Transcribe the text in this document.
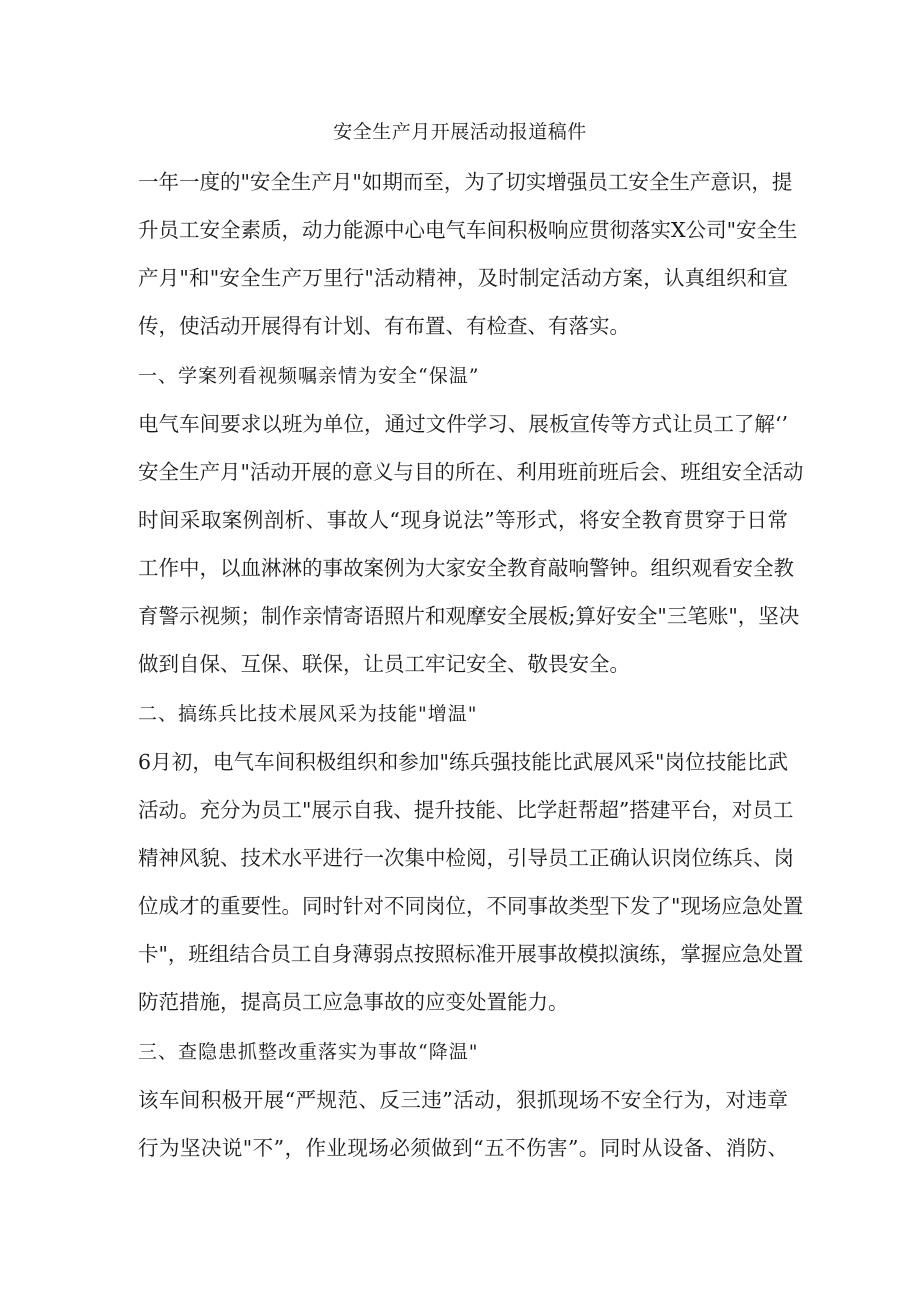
安全生产月开展活动报道稿件
一年一度的"安全生产月"如期而至，为了切实增强员工安全生产意识，提
升员工安全素质，动力能源中心电气车间积极响应贯彻落实X公司"安全生
产月"和"安全生产万里行"活动精神，及时制定活动方案，认真组织和宣
传，使活动开展得有计划、有布置、有检查、有落实。
一、学案列看视频嘱亲情为安全“保温”
电气车间要求以班为单位，通过文件学习、展板宣传等方式让员工了解‘’
安全生产月"活动开展的意义与目的所在、利用班前班后会、班组安全活动
时间采取案例剖析、事故人“现身说法”等形式，将安全教育贯穿于日常
工作中，以血淋淋的事故案例为大家安全教育敲响警钟。组织观看安全教
育警示视频；制作亲情寄语照片和观摩安全展板;算好安全"三笔账"，坚决
做到自保、互保、联保，让员工牢记安全、敬畏安全。
二、搞练兵比技术展风采为技能"增温"
6月初，电气车间积极组织和参加"练兵强技能比武展风采"岗位技能比武
活动。充分为员工"展示自我、提升技能、比学赶帮超”搭建平台，对员工
精神风貌、技术水平进行一次集中检阅，引导员工正确认识岗位练兵、岗
位成才的重要性。同时针对不同岗位，不同事故类型下发了"现场应急处置
卡"，班组结合员工自身薄弱点按照标准开展事故模拟演练，掌握应急处置
防范措施，提高员工应急事故的应变处置能力。
三、查隐患抓整改重落实为事故“降温"
该车间积极开展“严规范、反三违”活动，狠抓现场不安全行为，对违章
行为坚决说"不”，作业现场必须做到“五不伤害”。同时从设备、消防、
